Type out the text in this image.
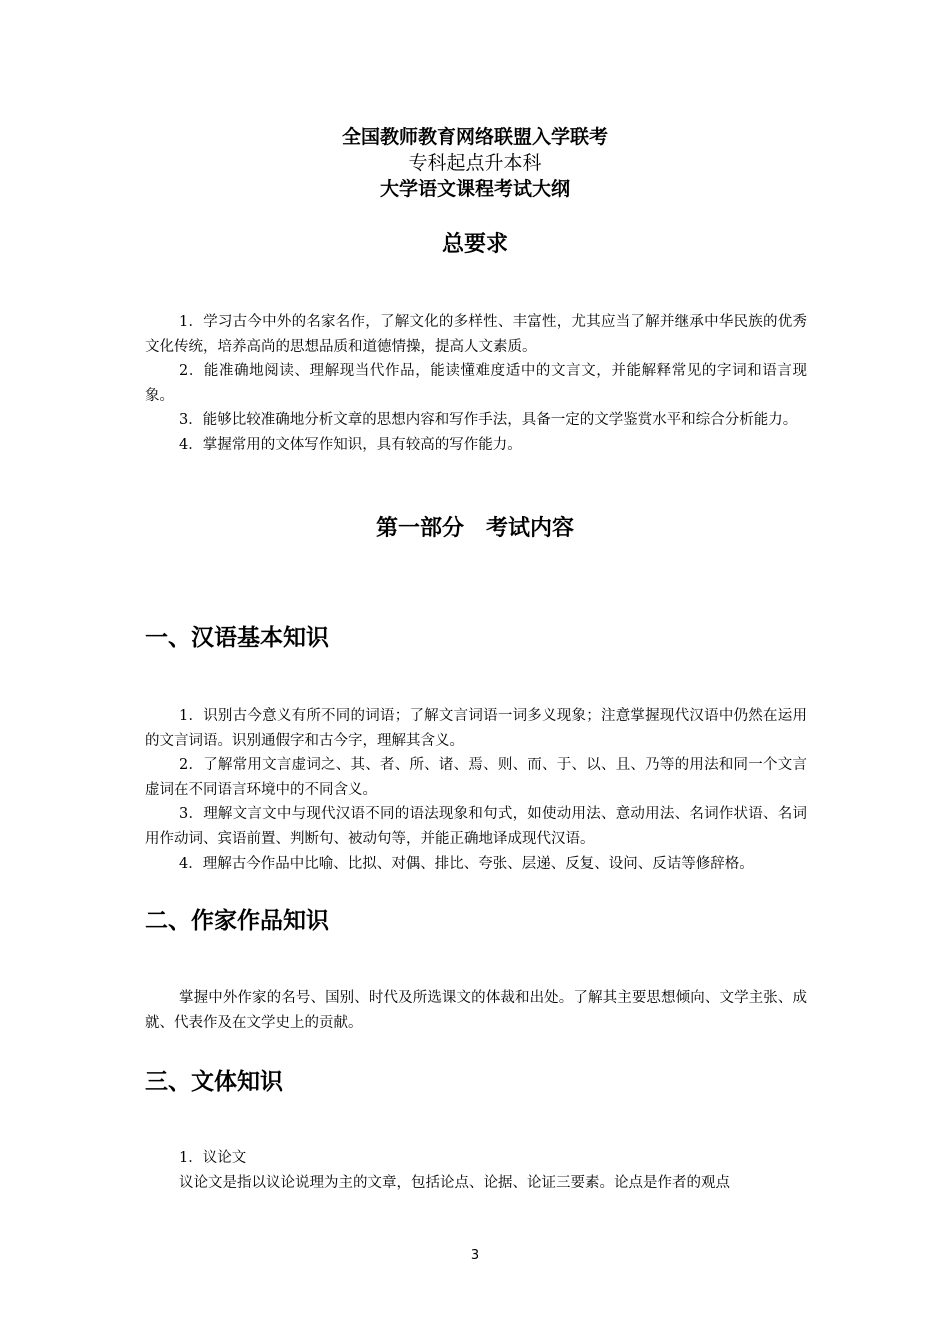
全国教师教育网络联盟入学联考

专科起点升本科

大学语文课程考试大纲

总要求

1．学习古今中外的名家名作，了解文化的多样性、丰富性，尤其应当了解并继承中华民族的优秀文化传统，培养高尚的思想品质和道德情操，提高人文素质。

2．能准确地阅读、理解现当代作品，能读懂难度适中的文言文，并能解释常见的字词和语言现象。

3．能够比较准确地分析文章的思想内容和写作手法，具备一定的文学鉴赏水平和综合分析能力。

4．掌握常用的文体写作知识，具有较高的写作能力。

第一部分　考试内容
一、汉语基本知识

1．识别古今意义有所不同的词语；了解文言词语一词多义现象；注意掌握现代汉语中仍然在运用的文言词语。识别通假字和古今字，理解其含义。

2．了解常用文言虚词之、其、者、所、诸、焉、则、而、于、以、且、乃等的用法和同一个文言虚词在不同语言环境中的不同含义。

3．理解文言文中与现代汉语不同的语法现象和句式，如使动用法、意动用法、名词作状语、名词用作动词、宾语前置、判断句、被动句等，并能正确地译成现代汉语。

4．理解古今作品中比喻、比拟、对偶、排比、夸张、层递、反复、设问、反诘等修辞格。

二、作家作品知识

掌握中外作家的名号、国别、时代及所选课文的体裁和出处。了解其主要思想倾向、文学主张、成就、代表作及在文学史上的贡献。

三、文体知识

1．议论文

议论文是指以议论说理为主的文章，包括论点、论据、论证三要素。论点是作者的观点

3
